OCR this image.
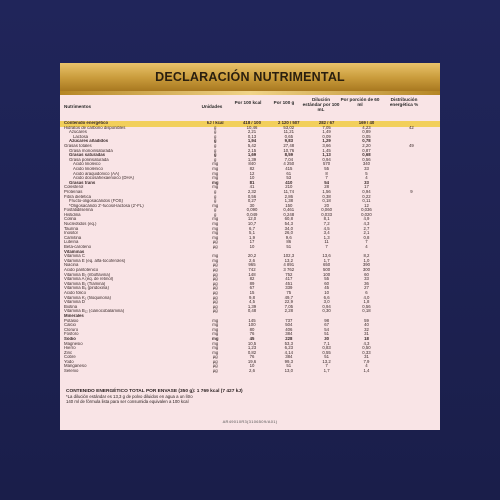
DECLARACIÓN NUTRIMENTAL
Nutrimentos	Unidades
Por 100 kcal	Por 100 g
Dilución estándar por 100 mL
Por porción de 60 ml
Distribución energética %
Contenido energético	kJ / kcal	418 / 100	2 120 / 507	282 / 67	169 / 40	
Hidratos de carbono disponibles	g	10,46	53,02	7,05	4,23	42
Azúcares	g	2,21	11,21	1,49	0,89	
Lactosa	g	0,13	0,65	0,09	0,05	
Azúcares añadidos	g	1,94	9,83	1,29	0,78	
Grasas totales	g	5,42	27,48	3,66	2,20	49
Grasa monoinsaturada	g	2,15	10,76	1,45	0,87	
Grasas saturadas	g	1,69	8,59	1,13	0,68	
Grasa poliinsaturada	g	1,39	7,04	0,94	0,56	
Ácido linoleico	mg	840	4 250	570	340	
Ácido linolénico	mg	82	415	55	33	
Ácido araquidónico (AA)	mg	12	61	8	5	
Ácido docosahexaenoico (DHA)	mg	10	53	7	4	
Grasas trans	mg	81	410	54	33	
Colesterol	mg	41	210	28	17	
Proteínas	g	2,32	11,74	1,56	0,94	9
Fibra dietética	g	0,56	2,86	0,38	0,22	
Fructo-oligosacáridos (FOS)	g	0,27	1,38	0,18	0,11	
*Oligosacárido 2'-fucosil-lactosa (2'-FL)	mg	30	150	20	12	
Fosfatidilserina	g	0,090	0,461	0,060	0,036	
Histidina	g	0,049	0,248	0,033	0,020	
Colina	mg	12,0	60,8	8,1	4,9	
Nucleótidos (eq.)	mg	10,7	54,3	7,2	4,3	
Taurina	mg	6,7	34,0	4,5	2,7	
Inositol	mg	5,1	26,0	3,4	2,1	
Carnitina	mg	1,9	9,6	1,3	0,8	
Luteína	µg	17	86	11	7	
Beta-caroteno	µg	10	51	7	4	
Vitaminas						
Vitamina C	mg	20,2	102,3	13,6	8,2	
Vitamina E (eq. alfa-tocoferoles)	mg	2,6	13,2	1,7	1,0	
Niacina	µg	965	4 891	650	390	
Ácido pantoténico	µg	742	3 762	500	300	
Vitamina B₂ (riboflavina)	µg	148	752	100	60	
Vitamina A (eq. de retinol)	µg	82	417	55	33	
Vitamina B₁ (Tiamina)	µg	89	451	60	36	
Vitamina B₆ (piridoxina)	µg	67	339	45	27	
Ácido fólico	µg	15	75	10	6	
Vitamina K₁ (filoquinona)	µg	9,8	49,7	6,6	4,0	
Vitamina D	µg	4,5	22,9	3,0	1,8	
Biotina	µg	1,39	7,05	0,94	0,56	
Vitamina B₁₂ (cianocobalamina)	µg	0,48	2,28	0,30	0,18	
Minerales						
Potasio	mg	145	737	98	59	
Calcio	mg	100	504	67	40	
Cloruro	mg	80	406	54	32	
Fósforo	mg	76	384	51	31	
Sodio	mg	45	228	30	18	
Magnesio	mg	10,5	53,3	7,1	4,3	
Hierro	mg	1,23	6,23	0,83	0,50	
Zinc	mg	0,82	4,14	0,55	0,33	
Cobre	µg	76	384	51	31	
Yodo	µg	19,6	99,3	13,2	7,9	
Manganeso	µg	10	51	7	4	
Selenio	µg	2,6	13,0	1,7	1,4	
CONTENIDO ENERGÉTICO TOTAL POR ENVASE (350 g): 1 769 kcal (7 427 kJ)
*La dilución estándar es 13,3 g de polvo diluidos en agua a un litro
140 ml de fórmula lista para ser consumida equivalen a 100 kcal
AR49010R3(3106509/A01)
